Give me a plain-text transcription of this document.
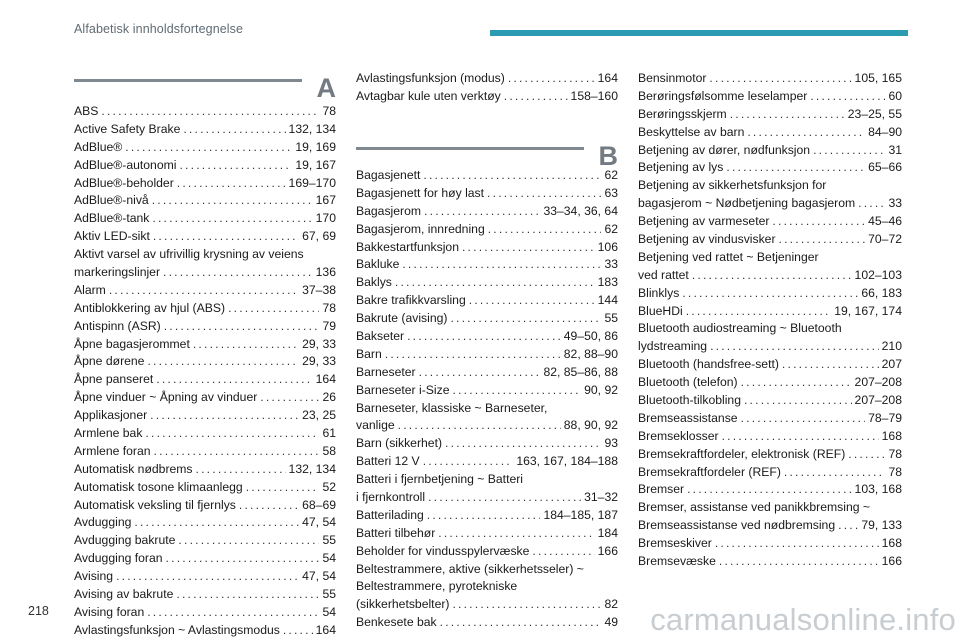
Alfabetisk innholdsfortegnelse
A
ABS . . .	78
Active Safety Brake . . .	132, 134
AdBlue® . . .	19, 169
AdBlue®-autonomi . . .	19, 167
AdBlue®-beholder . . .	169–170
AdBlue®-nivå . . .	167
AdBlue®-tank . . .	170
Aktiv LED-sikt . . .	67, 69
Aktivt varsel av ufrivillig krysning av veiens
markeringslinjer . . .	136
Alarm . . .	37–38
Antiblokkering av hjul (ABS) . . .	78
Antispinn (ASR) . . .	79
Åpne bagasjerommet . . .	29, 33
Åpne dørene . . .	29, 33
Åpne panseret . . .	164
Åpne vinduer ~ Åpning av vinduer . . .	26
Applikasjoner . . .	23, 25
Armlene bak . . .	61
Armlene foran . . .	58
Automatisk nødbrems . . .	132, 134
Automatisk tosone klimaanlegg . . .	52
Automatisk veksling til fjernlys . . .	68–69
Avdugging . . .	47, 54
Avdugging bakrute . . .	55
Avdugging foran . . .	54
Avising . . .	47, 54
Avising av bakrute . . .	55
Avising foran . . .	54
Avlastingsfunksjon ~ Avlastingsmodus . . .	164
Avlastingsfunksjon (modus) . . .	164
Avtagbar kule uten verktøy . . .	158–160
B
Bagasjenett . . .	62
Bagasjenett for høy last . . .	63
Bagasjerom . . .	33–34, 36, 64
Bagasjerom, innredning . . .	62
Bakkestartfunksjon . . .	106
Bakluke . . .	33
Baklys . . .	183
Bakre trafikkvarsling . . .	144
Bakrute (avising) . . .	55
Bakseter . . .	49–50, 86
Barn . . .	82, 88–90
Barneseter . . .	82, 85–86, 88
Barneseter i-Size . . .	90, 92
Barneseter, klassiske ~ Barneseter,
vanlige . . .	88, 90, 92
Barn (sikkerhet) . . .	93
Batteri 12 V . . .	163, 167, 184–188
Batteri i fjernbetjening ~ Batteri
i fjernkontroll . . .	31–32
Batterilading . . .	184–185, 187
Batteri tilbehør . . .	184
Beholder for vindusspylervæske . . .	166
Beltestrammere, aktive (sikkerhetsseler) ~
Beltestrammere, pyrotekniske
(sikkerhetsbelter) . . .	82
Benkesete bak . . .	49
Bensinmotor . . .	105, 165
Berøringsfølsomme leselamper . . .	60
Berøringsskjerm . . .	23–25, 55
Beskyttelse av barn . . .	84–90
Betjening av dører, nødfunksjon . . .	31
Betjening av lys . . .	65–66
Betjening av sikkerhetsfunksjon for
bagasjerom ~ Nødbetjening bagasjerom . . .	33
Betjening av varmeseter . . .	45–46
Betjening av vindusvisker . . .	70–72
Betjening ved rattet ~ Betjeninger
ved rattet . . .	102–103
Blinklys . . .	66, 183
BlueHDi . . .	19, 167, 174
Bluetooth audiostreaming ~ Bluetooth
lydstreaming . . .	210
Bluetooth (handsfree-sett) . . .	207
Bluetooth (telefon) . . .	207–208
Bluetooth-tilkobling . . .	207–208
Bremseassistanse . . .	78–79
Bremseklosser . . .	168
Bremsekraftfordeler, elektronisk (REF) . . .	78
Bremsekraftfordeler (REF) . . .	78
Bremser . . .	103, 168
Bremser, assistanse ved panikkbremsing ~
Bremseassistanse ved nødbremsing . . . 79, 133
Bremseskiver . . .	168
Bremsevæske . . .	166
218	carmanualsonline.info
